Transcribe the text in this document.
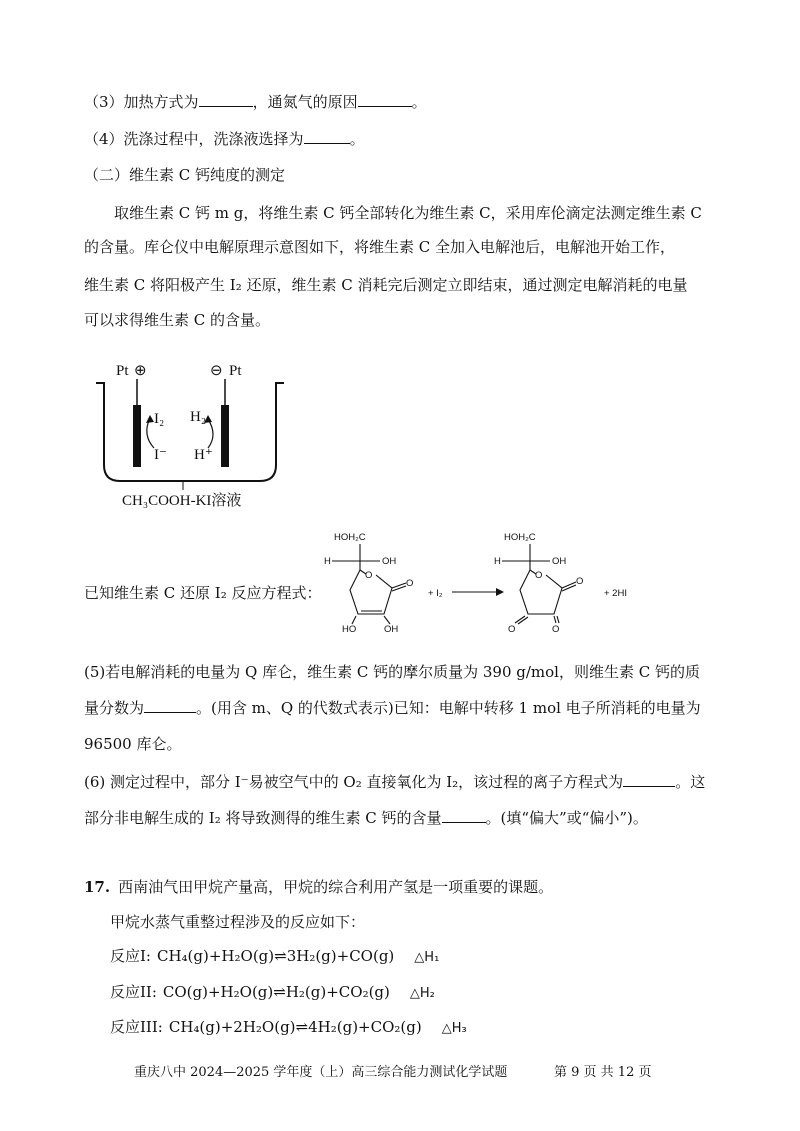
（3）加热方式为	，通氮气的原因	。
（4）洗涤过程中，洗涤液选择为	。
（二）维生素 C 钙纯度的测定
取维生素 C 钙 m g，将维生素 C 钙全部转化为维生素 C，采用库伦滴定法测定维生素 C
的含量。库仑仪中电解原理示意图如下，将维生素 C 全加入电解池后，电解池开始工作，
维生素 C 将阳极产生 I₂ 还原，维生素 C 消耗完后测定立即结束，通过测定电解消耗的电量
可以求得维生素 C 的含量。
Pt ⊕	⊖ Pt
I₂
I⁻
H₂
H⁺
CH₃COOH-KI溶液
已知维生素 C 还原 I₂ 反应方程式：
HOH₂C
H	OH
O
O
HO	OH
HOH₂C
H	OH
O
O
O	O
+ I₂	+ 2HI
(5)若电解消耗的电量为 Q 库仑，维生素 C 钙的摩尔质量为 390 g/mol，则维生素 C 钙的质
量分数为	。(用含 m、Q 的代数式表示)已知：电解中转移 1 mol 电子所消耗的电量为
96500 库仑。
(6) 测定过程中，部分 I⁻易被空气中的 O₂ 直接氧化为 I₂，该过程的离子方程式为	。这
部分非电解生成的 I₂ 将导致测得的维生素 C 钙的含量	。(填“偏大”或“偏小”)。
17. 西南油气田甲烷产量高，甲烷的综合利用产氢是一项重要的课题。
甲烷水蒸气重整过程涉及的反应如下：
反应I: CH₄(g)+H₂O(g)⇌3H₂(g)+CO(g) △H₁
反应II: CO(g)+H₂O(g)⇌H₂(g)+CO₂(g) △H₂
反应III: CH₄(g)+2H₂O(g)⇌4H₂(g)+CO₂(g) △H₃
重庆八中 2024—2025 学年度（上）高三综合能力测试化学试题	第 9 页 共 12 页
